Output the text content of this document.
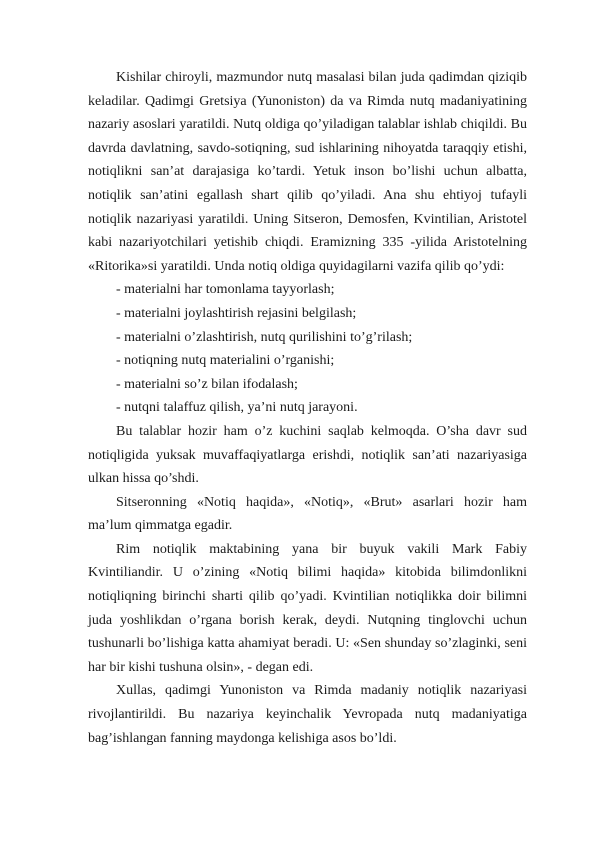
Kishilar chiroyli, mazmundor nutq masalasi bilan juda qadimdan qiziqib keladilar. Qadimgi Gretsiya (Yunoniston) da va Rimda nutq madaniyatining nazariy asoslari yaratildi. Nutq oldiga qo’yiladigan talablar ishlab chiqildi. Bu davrda davlatning, savdo-sotiqning, sud ishlarining nihoyatda taraqqiy etishi, notiqlikni san’at darajasiga ko’tardi. Yetuk inson bo’lishi uchun albatta, notiqlik san’atini egallash shart qilib qo’yiladi. Ana shu ehtiyoj tufayli notiqlik nazariyasi yaratildi. Uning Sitseron, Demosfen, Kvintilian, Aristotel kabi nazariyotchilari yetishib chiqdi. Eramizning 335 -yilida Aristotelning «Ritorika»si yaratildi. Unda notiq oldiga quyidagilarni vazifa qilib qo’ydi:

- materialni har tomonlama tayyorlash;
- materialni joylashtirish rejasini belgilash;
- materialni o’zlashtirish, nutq qurilishini to’g’rilash;
- notiqning nutq materialini o’rganishi;
- materialni so’z bilan ifodalash;
- nutqni talaffuz qilish, ya’ni nutq jarayoni.

Bu talablar hozir ham o’z kuchini saqlab kelmoqda. O’sha davr sud notiqligida yuksak muvaffaqiyatlarga erishdi, notiqlik san’ati nazariyasiga ulkan hissa qo’shdi.

Sitseronning «Notiq haqida», «Notiq», «Brut» asarlari hozir ham ma’lum qimmatga egadir.

Rim notiqlik maktabining yana bir buyuk vakili Mark Fabiy Kvintiliandir. U o’zining «Notiq bilimi haqida» kitobida bilimdonlikni notiqliqning birinchi sharti qilib qo’yadi. Kvintilian notiqlikka doir bilimni juda yoshlikdan o’rgana borish kerak, deydi. Nutqning tinglovchi uchun tushunarli bo’lishiga katta ahamiyat beradi. U: «Sen shunday so’zlaginki, seni har bir kishi tushuna olsin», - degan edi.

Xullas, qadimgi Yunoniston va Rimda madaniy notiqlik nazariyasi rivojlantirildi. Bu nazariya keyinchalik Yevropada nutq madaniyatiga bag’ishlangan fanning maydonga kelishiga asos bo’ldi.
